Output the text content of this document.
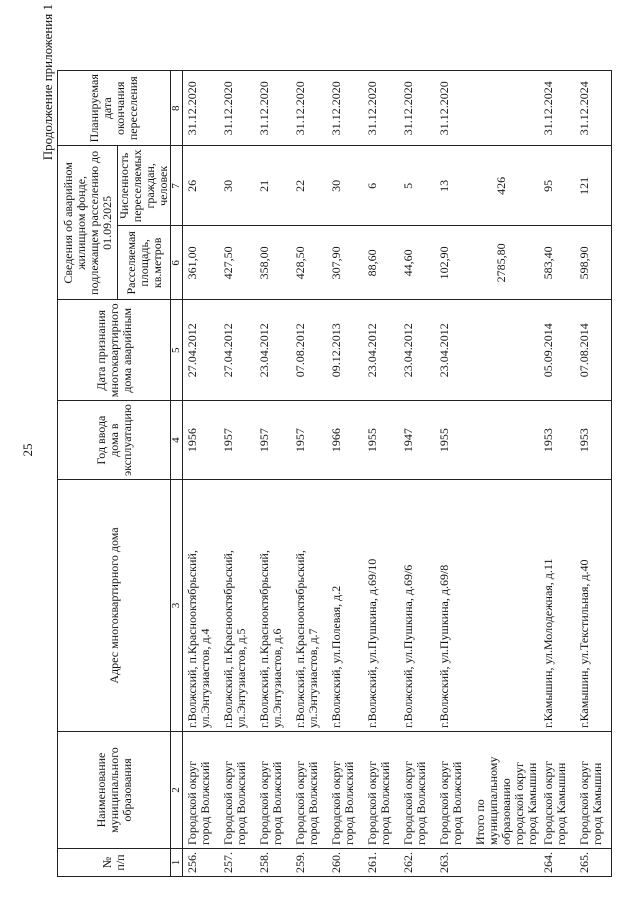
25
Продолжение приложения 1
№ п/п	Наименование муниципального образования	Адрес многоквартирного дома	Год ввода дома в эксплуатацию	Дата признания многоквартирного дома аварийным	Сведения об аварийном жилищном фонде, подлежащем расселению до 01.09.2025		Планируемая дата окончания переселения
					Расселяемая площадь, кв.метров	Численность переселяемых граждан, человек	
1	2	3	4	5	6	7	8
256.	Городской округ город Волжский	г.Волжский, п.Краснооктябрьский, ул.Энтузиастов, д.4	1956	27.04.2012	361,00	26	31.12.2020
257.	Городской округ город Волжский	г.Волжский, п.Краснооктябрьский, ул.Энтузиастов, д.5	1957	27.04.2012	427,50	30	31.12.2020
258.	Городской округ город Волжский	г.Волжский, п.Краснооктябрьский, ул.Энтузиастов, д.6	1957	23.04.2012	358,00	21	31.12.2020
259.	Городской округ город Волжский	г.Волжский, п.Краснооктябрьский, ул.Энтузиастов, д.7	1957	07.08.2012	428,50	22	31.12.2020
260.	Городской округ город Волжский	г.Волжский, ул.Полевая, д.2	1966	09.12.2013	307,90	30	31.12.2020
261.	Городской округ город Волжский	г.Волжский, ул.Пушкина, д.69/10	1955	23.04.2012	88,60	6	31.12.2020
262.	Городской округ город Волжский	г.Волжский, ул.Пушкина, д.69/6	1947	23.04.2012	44,60	5	31.12.2020
263.	Городской округ город Волжский	г.Волжский, ул.Пушкина, д.69/8	1955	23.04.2012	102,90	13	31.12.2020
	Итого по муниципальному образованию городской округ город Камышин				2785,80	426	
264.	Городской округ город Камышин	г.Камышин, ул.Молодежная, д.11	1953	05.09.2014	583,40	95	31.12.2024
265.	Городской округ город Камышин	г.Камышин, ул.Текстильная, д.40	1953	07.08.2014	598,90	121	31.12.2024
